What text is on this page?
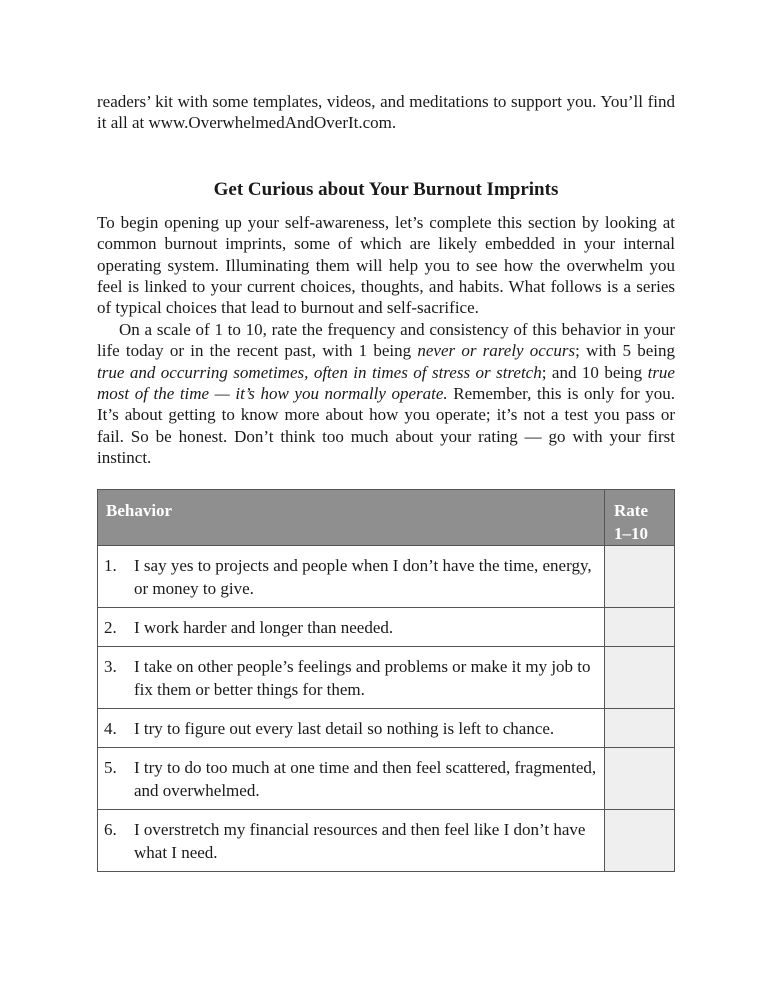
readers’ kit with some templates, videos, and meditations to support you. You’ll find it all at www.OverwhelmedAndOverIt.com.

Get Curious about Your Burnout Imprints

To begin opening up your self-awareness, let’s complete this section by looking at common burnout imprints, some of which are likely embedded in your internal operating system. Illuminating them will help you to see how the overwhelm you feel is linked to your current choices, thoughts, and habits. What follows is a series of typical choices that lead to burnout and self-sacrifice.

On a scale of 1 to 10, rate the frequency and consistency of this behavior in your life today or in the recent past, with 1 being never or rarely occurs; with 5 being true and occurring sometimes, often in times of stress or stretch; and 10 being true most of the time — it’s how you normally operate. Remember, this is only for you. It’s about getting to know more about how you operate; it’s not a test you pass or fail. So be honest. Don’t think too much about your rating — go with your first instinct.

Behavior	Rate
1–10

1. I say yes to projects and people when I don’t have the time, energy, or money to give.	

2. I work harder and longer than needed.	

3. I take on other people’s feelings and problems or make it my job to fix them or better things for them.	

4. I try to figure out every last detail so nothing is left to chance.	

5. I try to do too much at one time and then feel scattered, fragmented, and overwhelmed.	

6. I overstretch my financial resources and then feel like I don’t have what I need.	
